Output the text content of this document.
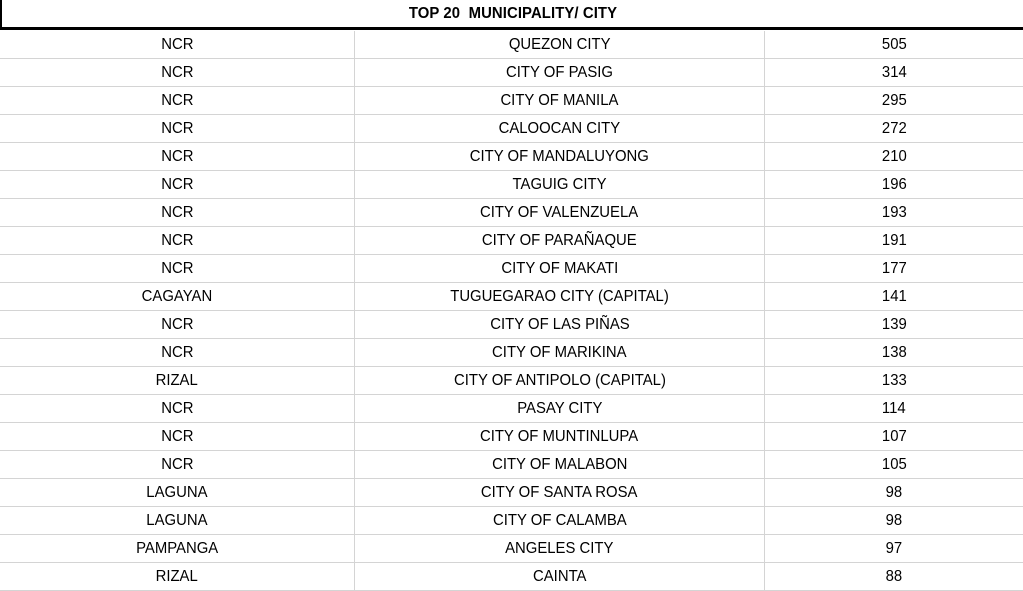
TOP 20  MUNICIPALITY/ CITY
NCR	QUEZON CITY	505
NCR	CITY OF PASIG	314
NCR	CITY OF MANILA	295
NCR	CALOOCAN CITY	272
NCR	CITY OF MANDALUYONG	210
NCR	TAGUIG CITY	196
NCR	CITY OF VALENZUELA	193
NCR	CITY OF PARAÑAQUE	191
NCR	CITY OF MAKATI	177
CAGAYAN	TUGUEGARAO CITY (CAPITAL)	141
NCR	CITY OF LAS PIÑAS	139
NCR	CITY OF MARIKINA	138
RIZAL	CITY OF ANTIPOLO (CAPITAL)	133
NCR	PASAY CITY	114
NCR	CITY OF MUNTINLUPA	107
NCR	CITY OF MALABON	105
LAGUNA	CITY OF SANTA ROSA	98
LAGUNA	CITY OF CALAMBA	98
PAMPANGA	ANGELES CITY	97
RIZAL	CAINTA	88
